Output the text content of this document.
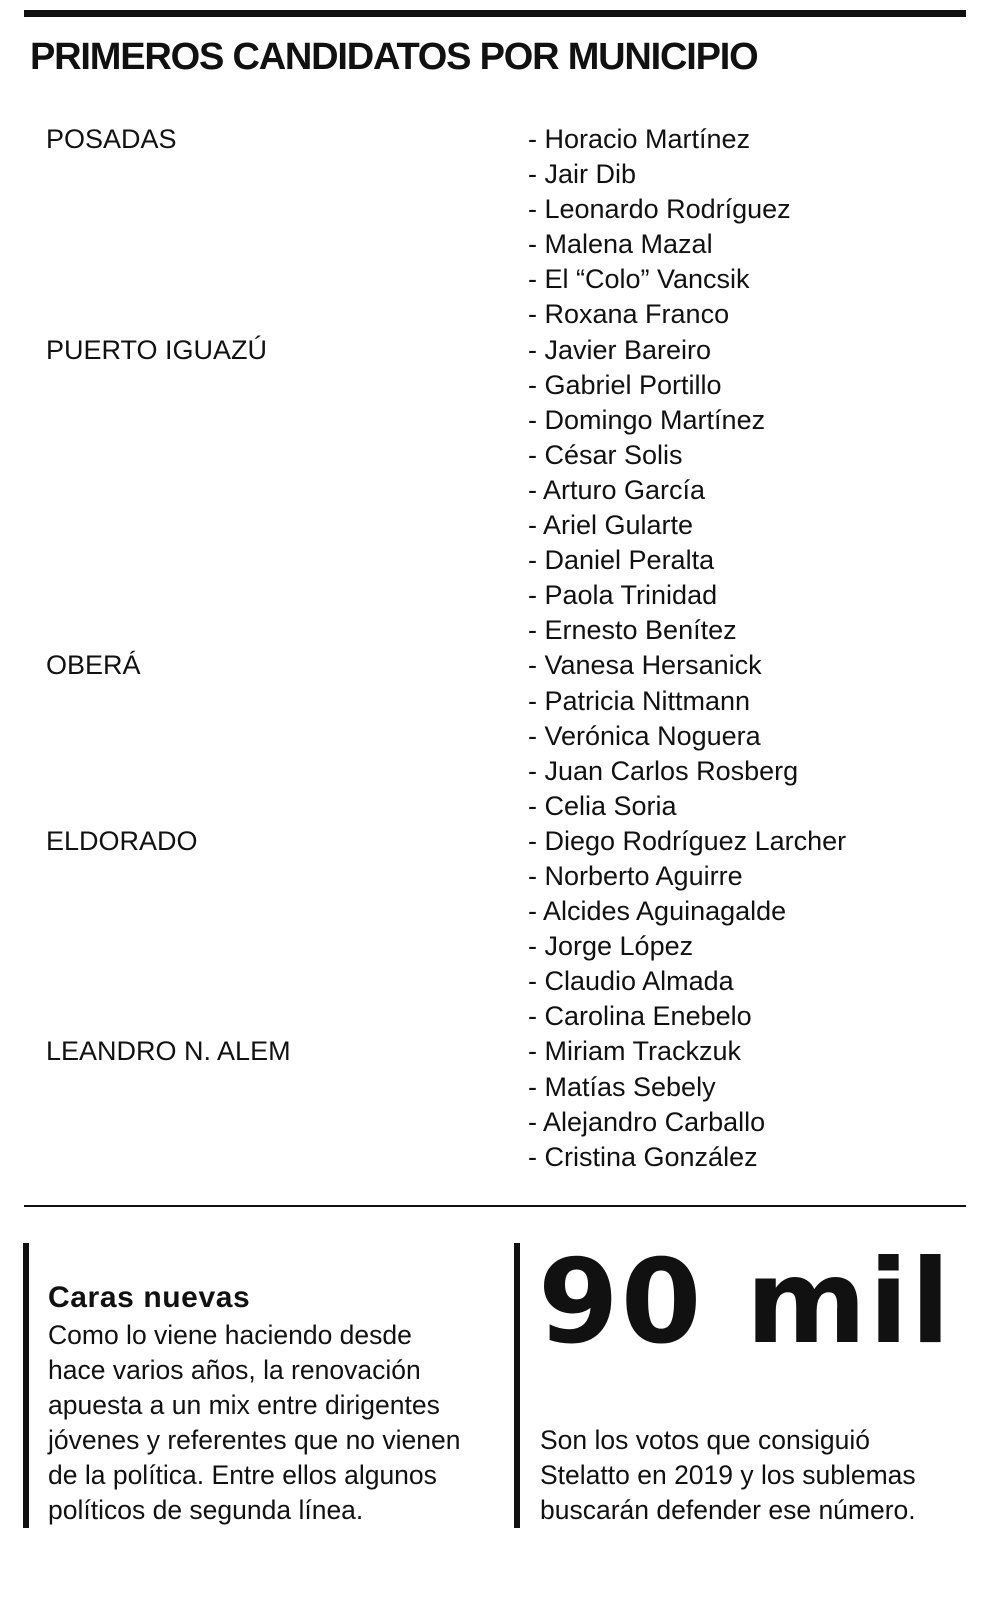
PRIMEROS CANDIDATOS POR MUNICIPIO
POSADAS	- Horacio Martínez
- Jair Dib
- Leonardo Rodríguez
- Malena Mazal
- El “Colo” Vancsik
- Roxana Franco
PUERTO IGUAZÚ	- Javier Bareiro
- Gabriel Portillo
- Domingo Martínez
- César Solis
- Arturo García
- Ariel Gularte
- Daniel Peralta
- Paola Trinidad
- Ernesto Benítez
OBERÁ	- Vanesa Hersanick
- Patricia Nittmann
- Verónica Noguera
- Juan Carlos Rosberg
- Celia Soria
ELDORADO	- Diego Rodríguez Larcher
- Norberto Aguirre
- Alcides Aguinagalde
- Jorge López
- Claudio Almada
- Carolina Enebelo
LEANDRO N. ALEM	- Miriam Trackzuk
- Matías Sebely
- Alejandro Carballo
- Cristina González
Caras nuevas

Como lo viene haciendo desde hace varios años, la renovación apuesta a un mix entre dirigentes jóvenes y referentes que no vienen de la política. Entre ellos algunos políticos de segunda línea.

90 mil

Son los votos que consiguió Stelatto en 2019 y los sublemas buscarán defender ese número.
